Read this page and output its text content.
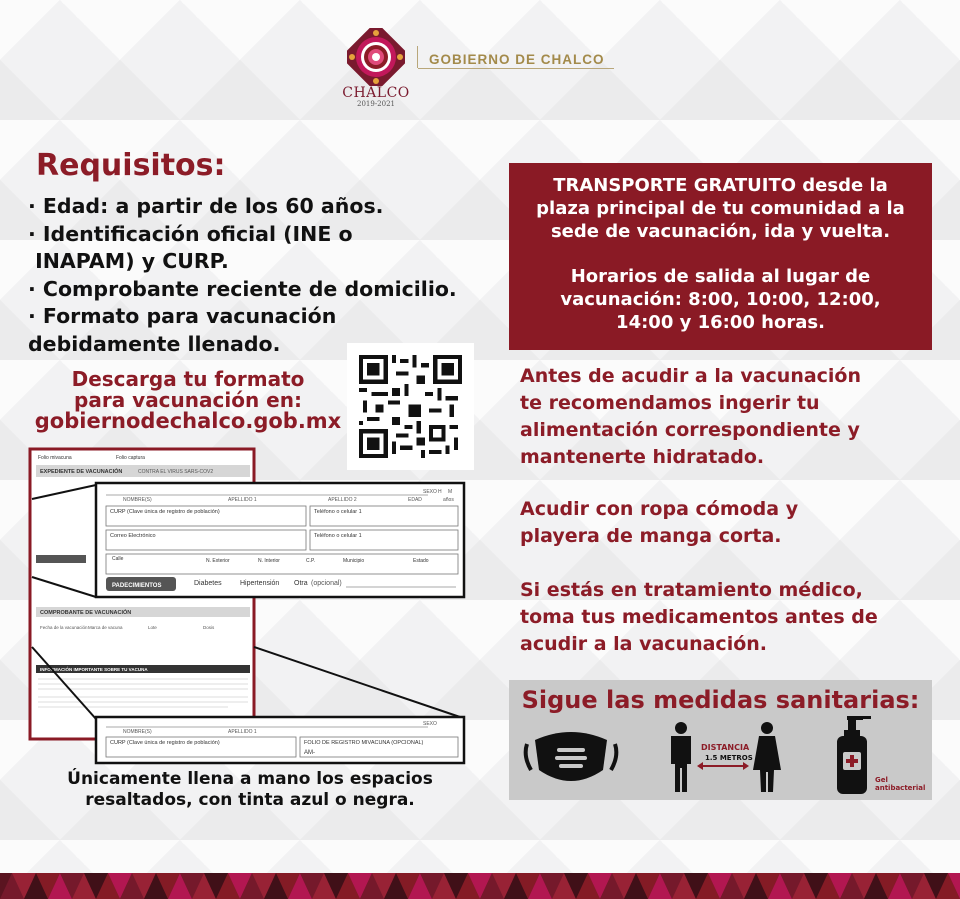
CHALCO
2019-2021
GOBIERNO DE CHALCO
Requisitos:
· Edad: a partir de los 60 años.
· Identificación oficial (INE o
INAPAM) y CURP.
· Comprobante reciente de domicilio.
· Formato para vacunación
debidamente llenado.
Descarga tu formato
para vacunación en:
gobiernodechalco.gob.mx
Folio mivacuna	Folio captura
EXPEDIENTE DE VACUNACIÓN	CONTRA EL VIRUS SARS-COV2
COMPROBANTE DE VACUNACIÓN
Fecha de la vacunación Marca de vacuna	Lote	Dosis
INFORMACIÓN IMPORTANTE SOBRE TU VACUNA
SEXO H M
NOMBRE(S)	APELLIDO 1	APELLIDO 2	EDAD	años
CURP (Clave única de registro de población)	Teléfono o celular 1
Correo Electrónico	Teléfono o celular 1
Calle	N. Exterior	N. Interior	C.P.	Municipio	Estado
PADECIMIENTOS	Diabetes	Hipertensión Otra (opcional)
SEXO
NOMBRE(S)	APELLIDO 1
CURP (Clave única de registro de población)	FOLIO DE REGISTRO MIVACUNA (OPCIONAL)
AM-
Únicamente llena a mano los espacios
resaltados, con tinta azul o negra.

TRANSPORTE GRATUITO desde la
plaza principal de tu comunidad a la
sede de vacunación, ida y vuelta.

Horarios de salida al lugar de
vacunación: 8:00, 10:00, 12:00,
14:00 y 16:00 horas.

Antes de acudir a la vacunación
te recomendamos ingerir tu
alimentación correspondiente y
mantenerte hidratado.
Acudir con ropa cómoda y
playera de manga corta.
Si estás en tratamiento médico,
toma tus medicamentos antes de
acudir a la vacunación.
Sigue las medidas sanitarias:
DISTANCIA
1.5 METROS
Gel
antibacterial
